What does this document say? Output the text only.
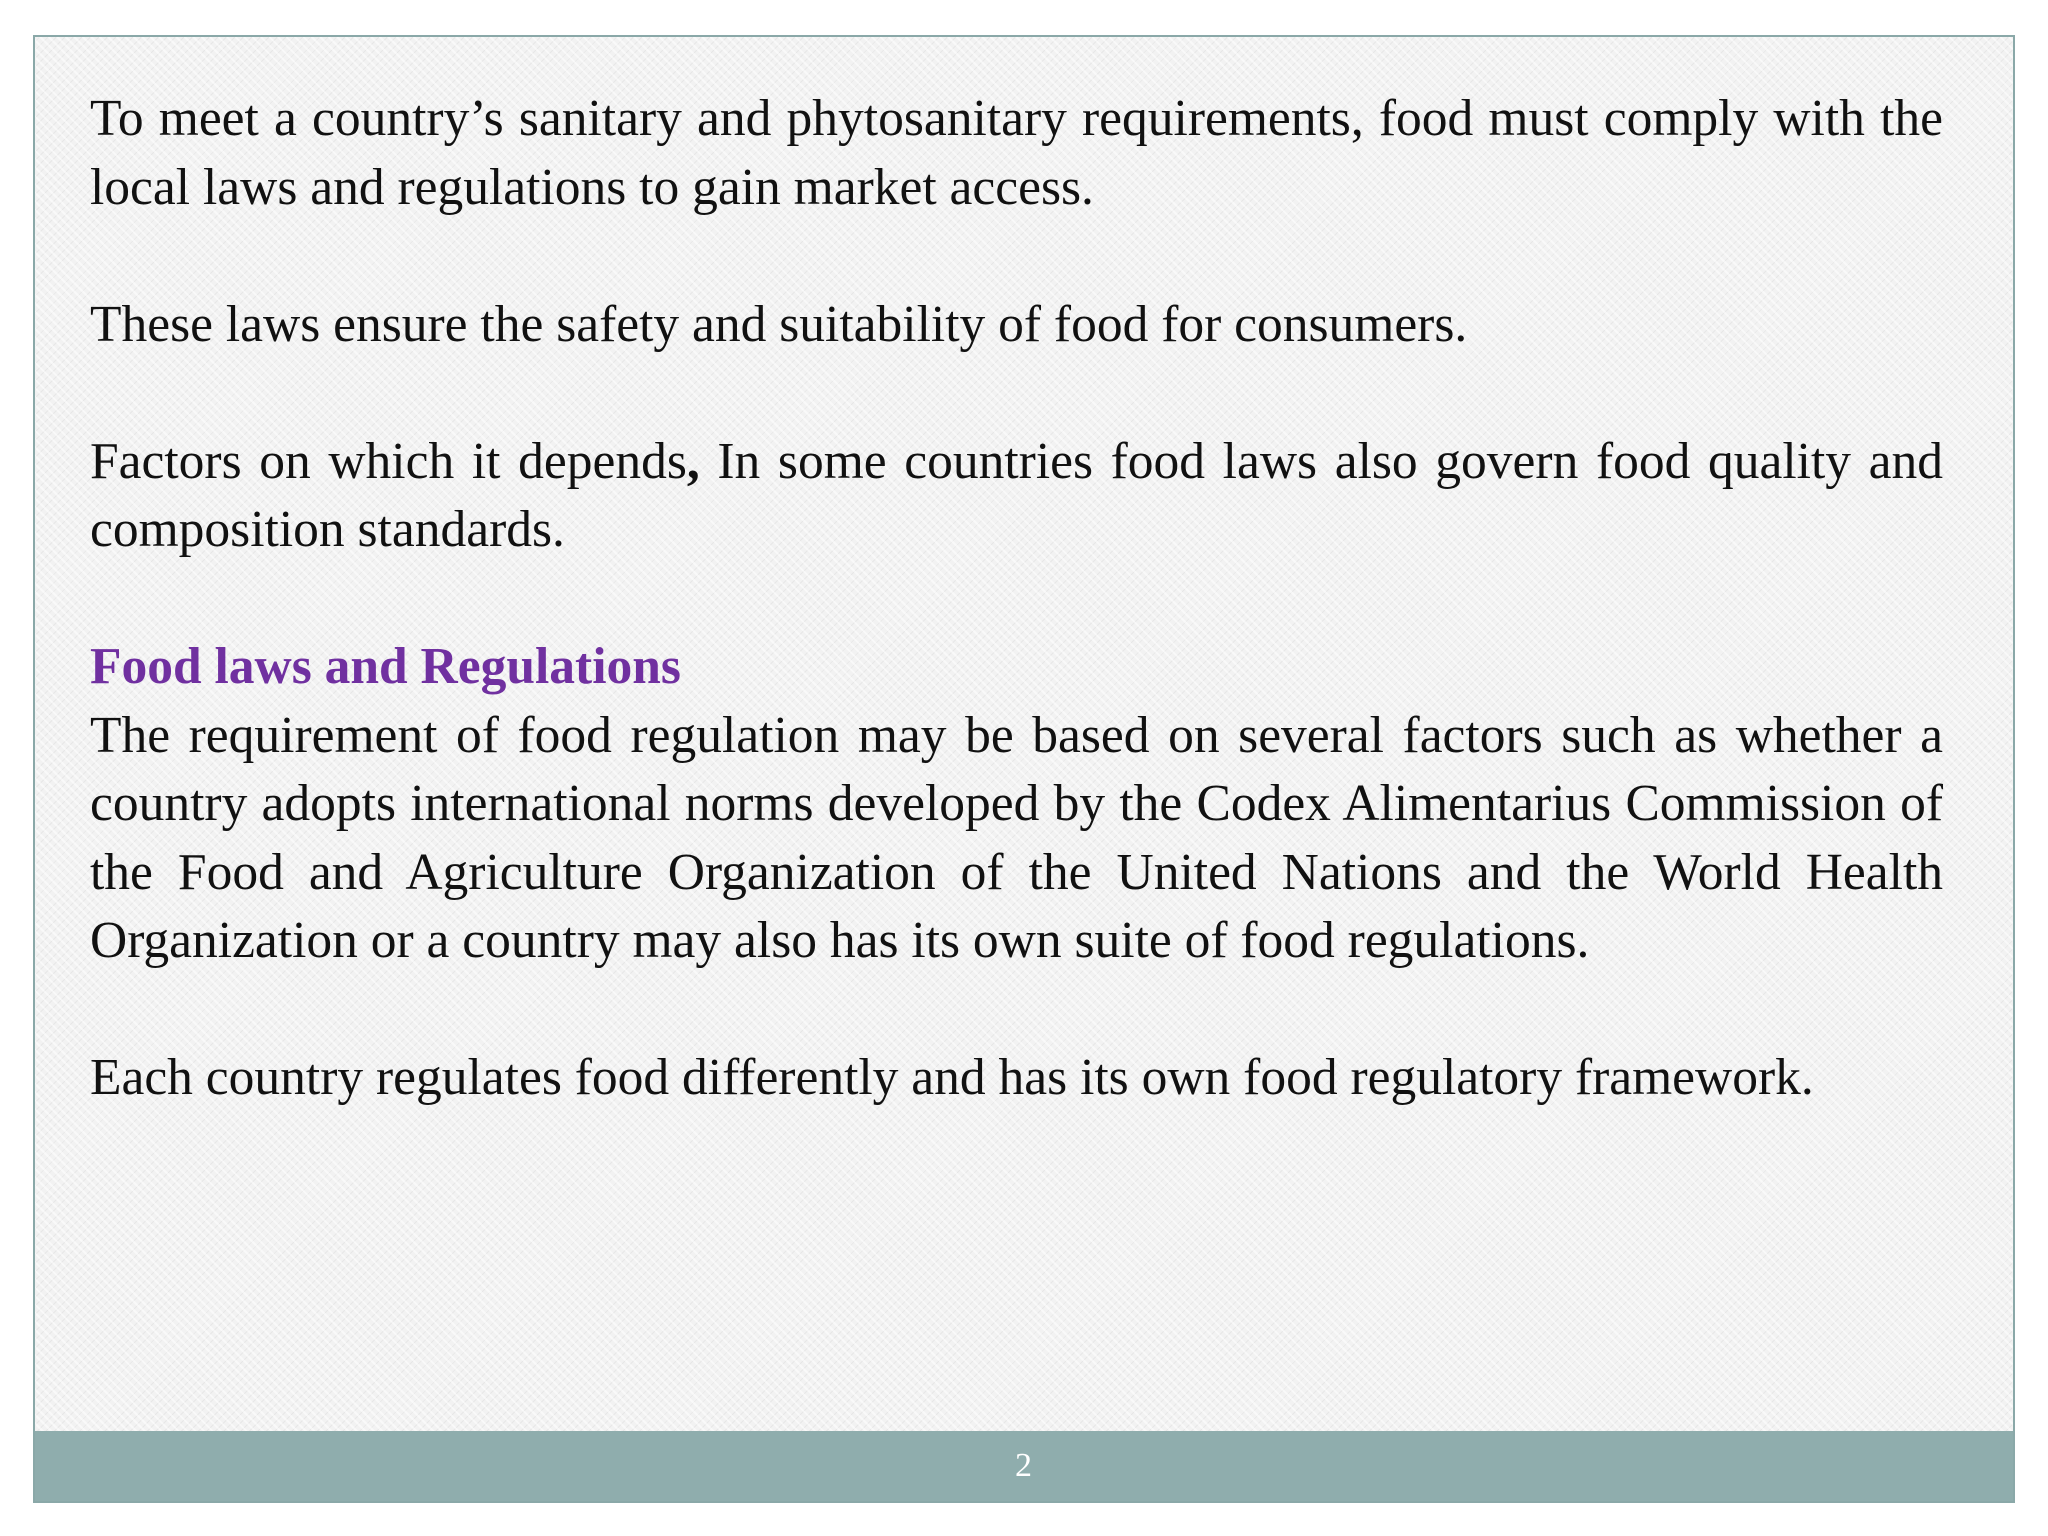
To meet a country’s sanitary and phytosanitary requirements, food must comply with the local laws and regulations to gain market access.

These laws ensure the safety and suitability of food for consumers.

Factors on which it depends, In some countries food laws also govern food quality and composition standards.

Food laws and Regulations

The requirement of food regulation may be based on several factors such as whether a country adopts international norms developed by the Codex Alimentarius Commission of the Food and Agriculture Organization of the United Nations and the World Health Organization or a country may also has its own suite of food regulations.

Each country regulates food differently and has its own food regulatory framework.

2
